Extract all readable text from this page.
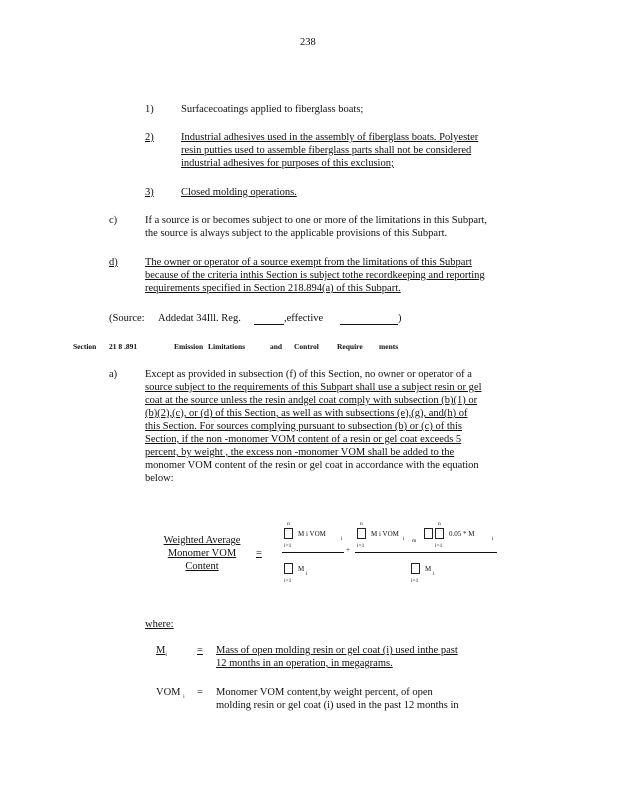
238
1)	Surfacecoatings applied to fiberglass boats;
2)	Industrial adhesives used in the assembly of fiberglass boats. Polyester
resin putties used to assemble fiberglass parts shall not be considered
industrial adhesives for purposes of this exclusion;
3)	Closed molding operations.
c)	If a source is or becomes subject to one or more of the limitations in this Subpart,
the source is always subject to the applicable provisions of this Subpart.
d)	The owner or operator of a source exempt from the limitations of this Subpart
because of the criteria inthis Section is subject tothe recordkeeping and reporting
requirements specified in Section 218.894(a) of this Subpart.
(Source: Addedat 34Ill. Reg.	,effective	)
Section 21 8 .891	Emission Limitations	and Control Require ments
a)	Except as provided in subsection (f) of this Section, no owner or operator of a
source subject to the requirements of this Subpart shall use a subject resin or gel
coat at the source unless the resin andgel coat comply with subsection (b)(1) or
(b)(2),(c), or (d) of this Section, as well as with subsections (e),(g), and(h) of
this Section. For sources complying pursuant to subsection (b) or (c) of this
Section, if the non -monomer VOM content of a resin or gel coat exceeds 5
percent, by weight , the excess non -monomer VOM shall be added to the
monomer VOM content of the resin or gel coat in accordance with the equation
below:
Weighted Average
Monomer VOM
Content
=
n
i=1
M i VOM
i
+
n
i=1
M i VOM
i m
n
i=1
0.05 * M
i
M
i
i=1
M
i
i=1
where:
$M_i$	= Mass of open molding resin or gel coat (i) used inthe past
12 months in an operation, in megagrams.
VOM $_i$ = Monomer VOM content,by weight percent, of open
molding resin or gel coat (i) used in the past 12 months in
